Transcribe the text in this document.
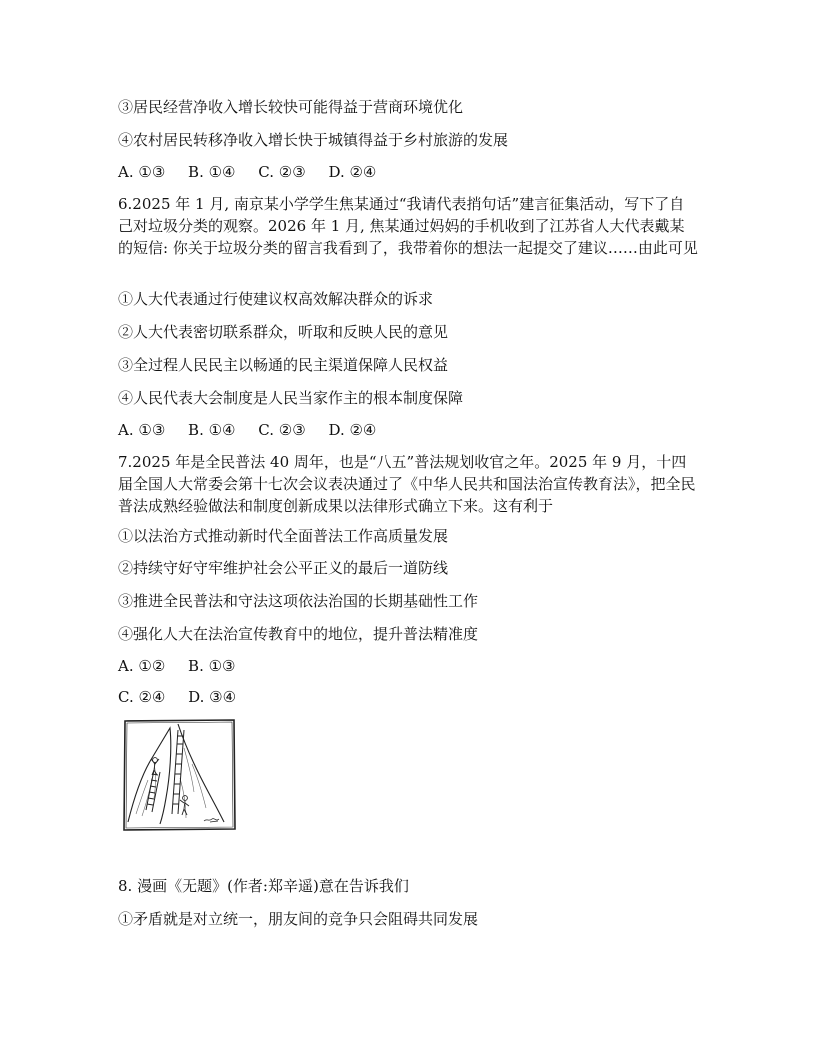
③居民经营净收入增长较快可能得益于营商环境优化
④农村居民转移净收入增长快于城镇得益于乡村旅游的发展
A. ①③ B. ①④ C. ②③ D. ②④
6.2025 年 1 月, 南京某小学学生焦某通过“我请代表捎句话”建言征集活动，写下了自己对垃圾分类的观察。2026 年 1 月, 焦某通过妈妈的手机收到了江苏省人大代表戴某的短信: 你关于垃圾分类的留言我看到了，我带着你的想法一起提交了建议……由此可见
①人大代表通过行使建议权高效解决群众的诉求
②人大代表密切联系群众，听取和反映人民的意见
③全过程人民民主以畅通的民主渠道保障人民权益
④人民代表大会制度是人民当家作主的根本制度保障
A. ①③ B. ①④ C. ②③ D. ②④
7.2025 年是全民普法 40 周年，也是“八五”普法规划收官之年。2025 年 9 月，十四届全国人大常委会第十七次会议表决通过了《中华人民共和国法治宣传教育法》，把全民普法成熟经验做法和制度创新成果以法律形式确立下来。这有利于
①以法治方式推动新时代全面普法工作高质量发展
②持续守好守牢维护社会公平正义的最后一道防线
③推进全民普法和守法这项依法治国的长期基础性工作
④强化人大在法治宣传教育中的地位，提升普法精准度
A. ①② B. ①③
C. ②④ D. ③④
8. 漫画《无题》(作者:郑辛遥)意在告诉我们
①矛盾就是对立统一，朋友间的竞争只会阻碍共同发展
